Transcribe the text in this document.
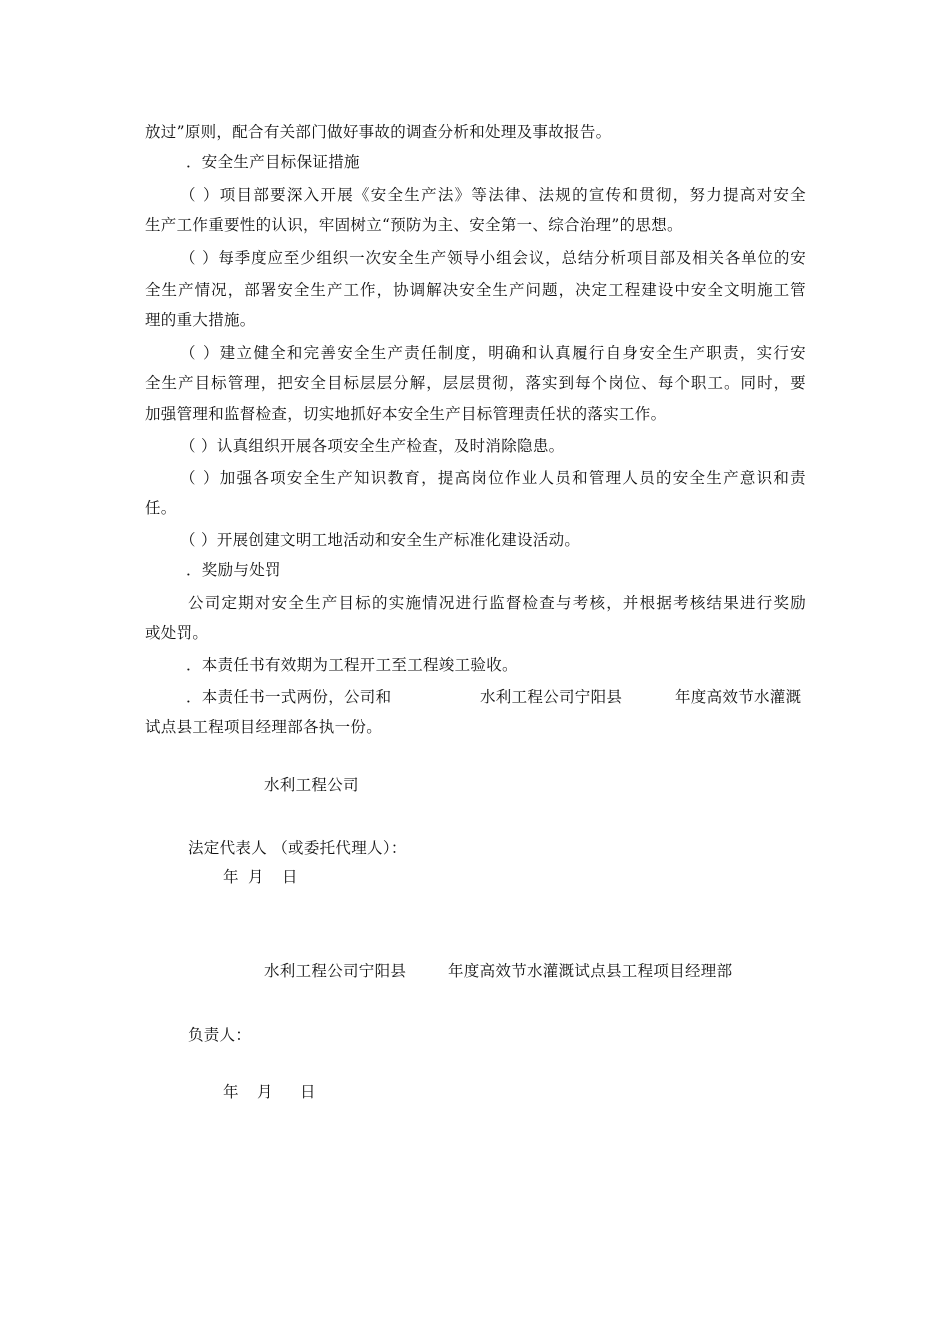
放过”原则，配合有关部门做好事故的调查分析和处理及事故报告。
．安全生产目标保证措施
（ ）项目部要深入开展《安全生产法》等法律、法规的宣传和贯彻，努力提高对安全
生产工作重要性的认识，牢固树立“预防为主、安全第一、综合治理”的思想。
（ ）每季度应至少组织一次安全生产领导小组会议，总结分析项目部及相关各单位的安
全生产情况，部署安全生产工作，协调解决安全生产问题，决定工程建设中安全文明施工管
理的重大措施。
（ ）建立健全和完善安全生产责任制度，明确和认真履行自身安全生产职责，实行安
全生产目标管理，把安全目标层层分解，层层贯彻，落实到每个岗位、每个职工。同时，要
加强管理和监督检查，切实地抓好本安全生产目标管理责任状的落实工作。
（ ）认真组织开展各项安全生产检查，及时消除隐患。
（ ）加强各项安全生产知识教育，提高岗位作业人员和管理人员的安全生产意识和责
任。
（ ）开展创建文明工地活动和安全生产标准化建设活动。
．奖励与处罚
公司定期对安全生产目标的实施情况进行监督检查与考核，并根据考核结果进行奖励
或处罚。
．本责任书有效期为工程开工至工程竣工验收。
．本责任书一式两份，公司和	水利工程公司宁阳县	年度高效节水灌溉
试点县工程项目经理部各执一份。
水利工程公司
法定代表人 （或委托代理人）：
年 月 日
水利工程公司宁阳县	年度高效节水灌溉试点县工程项目经理部
负责人：
年 月 日
